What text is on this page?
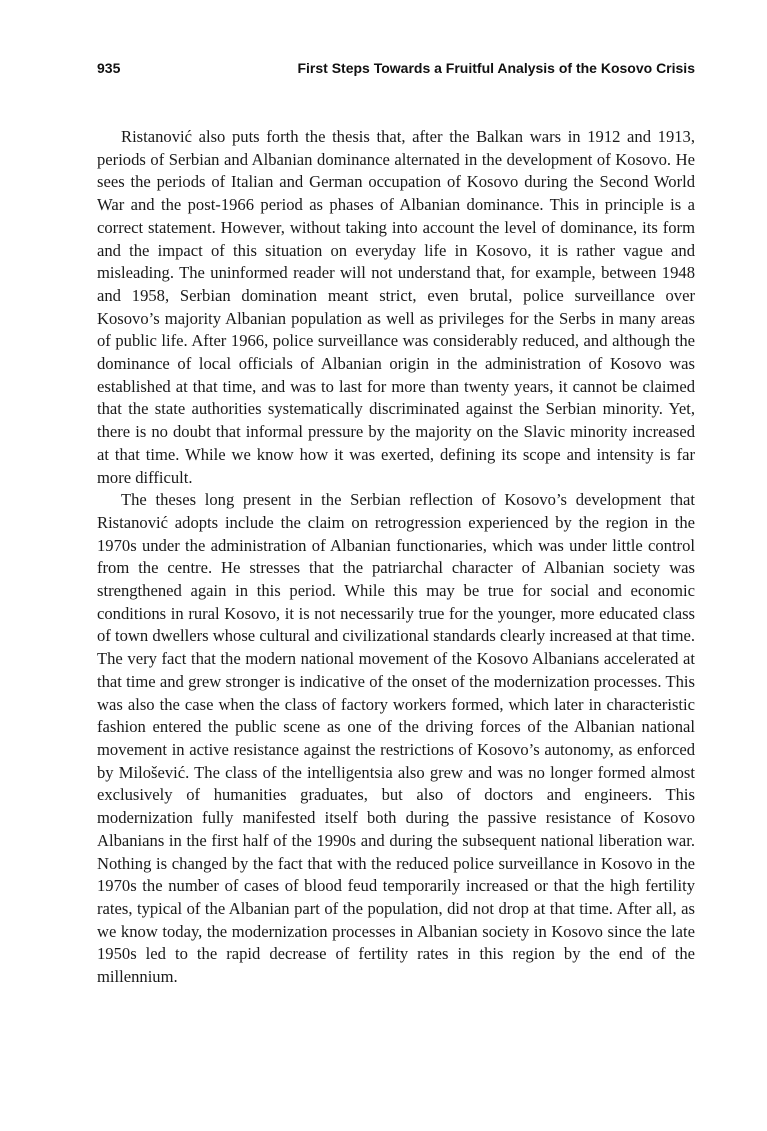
935	First Steps Towards a Fruitful Analysis of the Kosovo Crisis

Ristanović also puts forth the thesis that, after the Balkan wars in 1912 and 1913, periods of Serbian and Albanian dominance alternated in the development of Kosovo. He sees the periods of Italian and German occupation of Kosovo during the Second World War and the post-1966 period as phases of Albanian dominance. This in principle is a correct statement. However, without taking into account the level of dominance, its form and the impact of this situation on everyday life in Kosovo, it is rather vague and misleading. The uninformed reader will not understand that, for example, between 1948 and 1958, Serbian domination meant strict, even brutal, police surveillance over Kosovo’s majority Albanian population as well as privileges for the Serbs in many areas of public life. After 1966, police surveillance was considerably reduced, and although the dominance of local officials of Albanian origin in the administration of Kosovo was established at that time, and was to last for more than twenty years, it cannot be claimed that the state authorities systematically discriminated against the Serbian minority. Yet, there is no doubt that informal pressure by the majority on the Slavic minority increased at that time. While we know how it was exerted, defining its scope and intensity is far more difficult.

The theses long present in the Serbian reflection of Kosovo’s development that Ristanović adopts include the claim on retrogression experienced by the region in the 1970s under the administration of Albanian functionaries, which was under little control from the centre. He stresses that the patriarchal character of Albanian society was strengthened again in this period. While this may be true for social and economic conditions in rural Kosovo, it is not necessarily true for the younger, more educated class of town dwellers whose cultural and civilizational standards clearly increased at that time. The very fact that the modern national movement of the Kosovo Albanians accelerated at that time and grew stronger is indicative of the onset of the modernization processes. This was also the case when the class of factory workers formed, which later in characteristic fashion entered the public scene as one of the driving forces of the Albanian national movement in active resistance against the restrictions of Kosovo’s autonomy, as enforced by Milošević. The class of the intelligentsia also grew and was no longer formed almost exclusively of humanities graduates, but also of doctors and engineers. This modernization fully manifested itself both during the passive resistance of Kosovo Albanians in the first half of the 1990s and during the subsequent national liberation war. Nothing is changed by the fact that with the reduced police surveillance in Kosovo in the 1970s the number of cases of blood feud temporarily increased or that the high fertility rates, typical of the Albanian part of the population, did not drop at that time. After all, as we know today, the modernization processes in Albanian society in Kosovo since the late 1950s led to the rapid decrease of fertility rates in this region by the end of the millennium.
